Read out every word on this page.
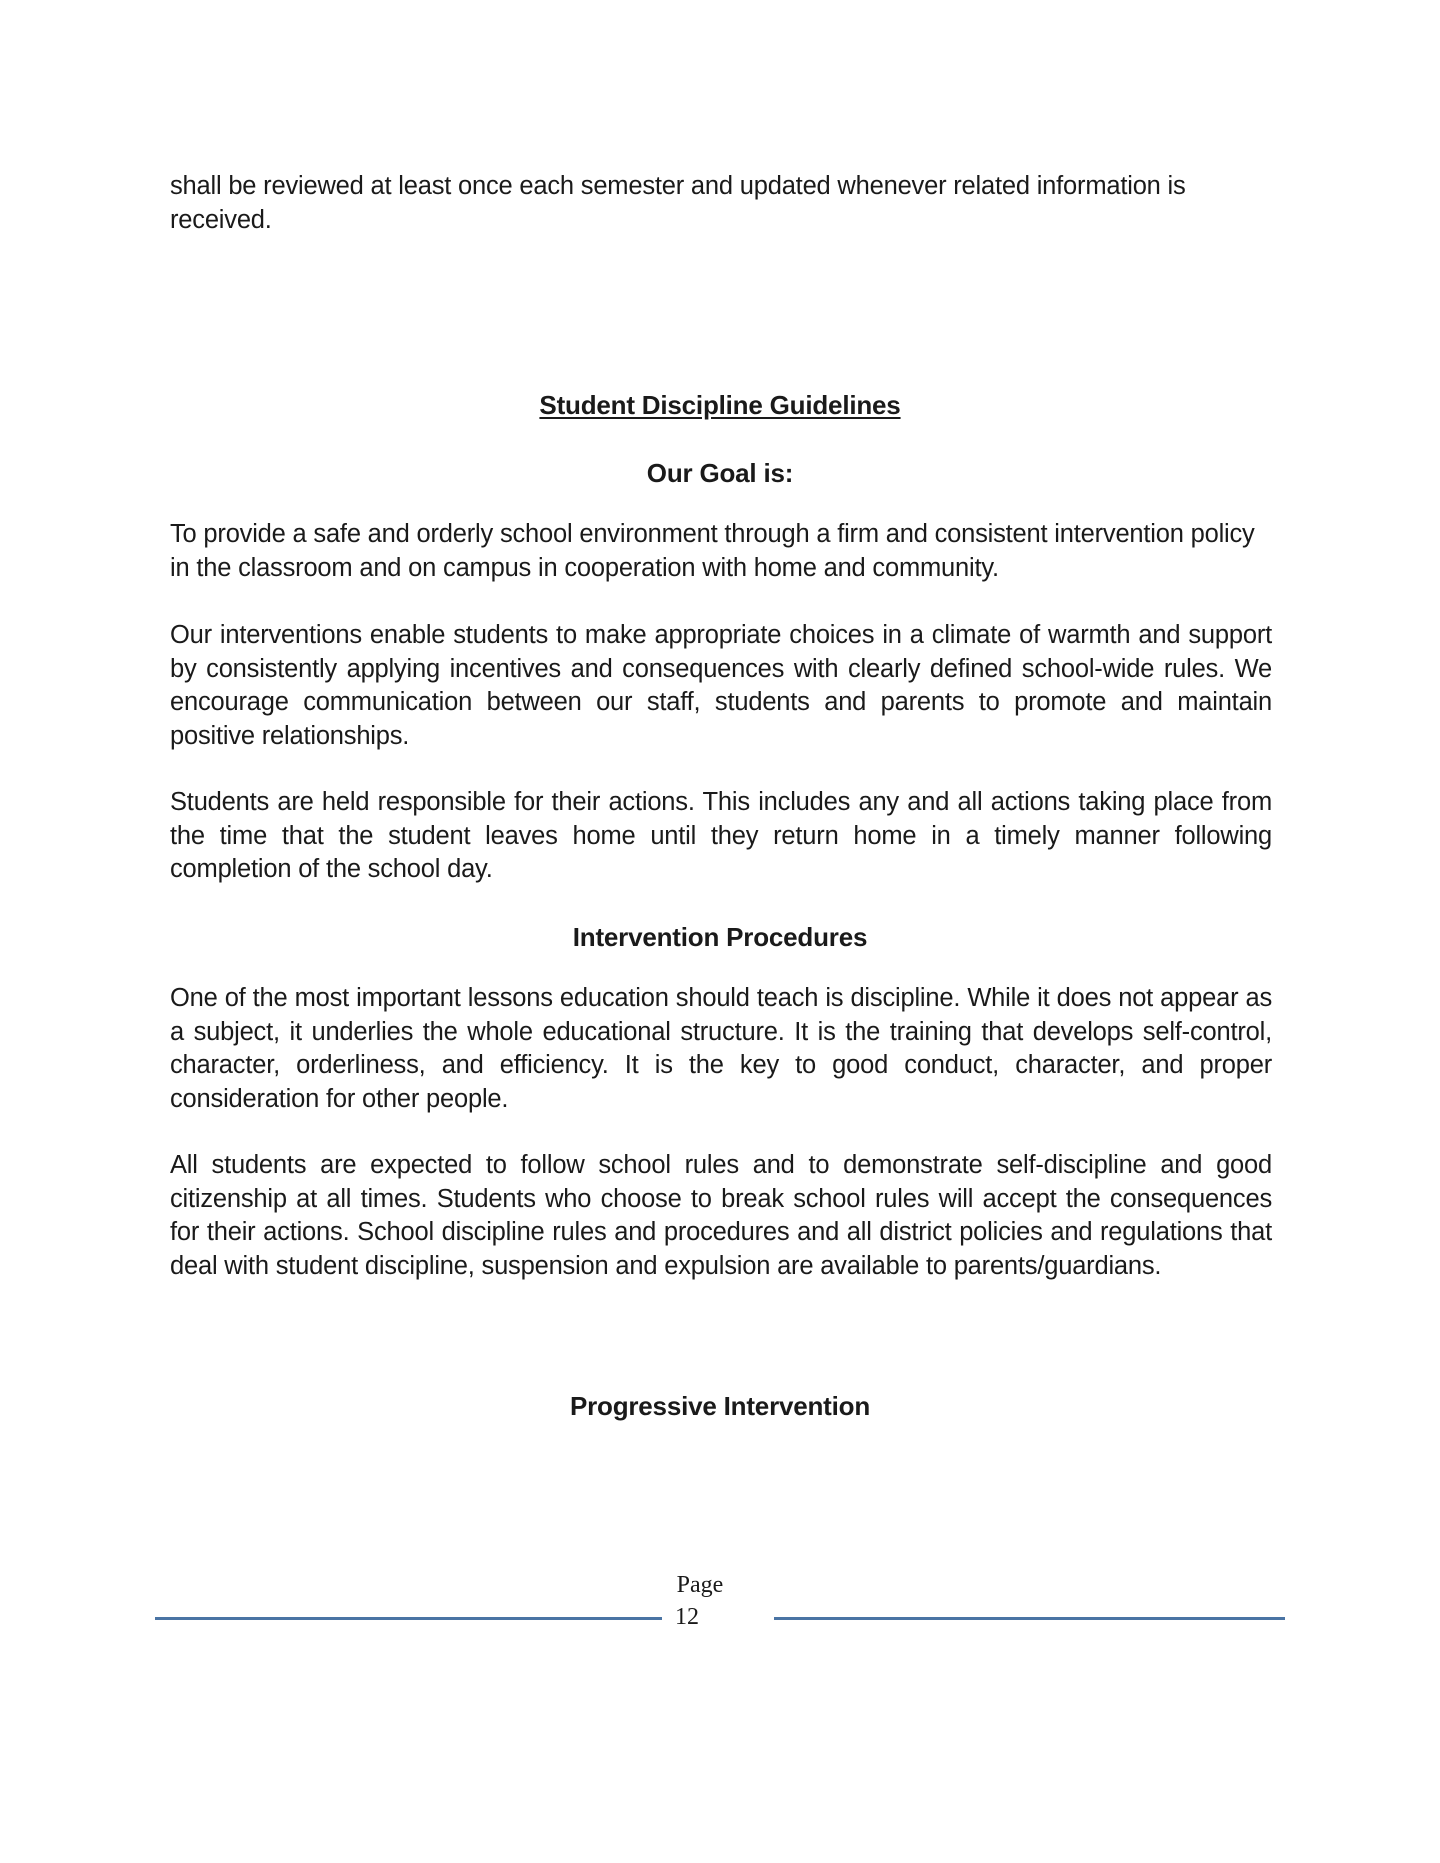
shall be reviewed at least once each semester and updated whenever related information is received.

Student Discipline Guidelines
Our Goal is:

To provide a safe and orderly school environment through a firm and consistent intervention policy in the classroom and on campus in cooperation with home and community.

Our interventions enable students to make appropriate choices in a climate of warmth and support by consistently applying incentives and consequences with clearly defined school-wide rules. We encourage communication between our staff, students and parents to promote and maintain positive relationships.

Students are held responsible for their actions. This includes any and all actions taking place from the time that the student leaves home until they return home in a timely manner following completion of the school day.

Intervention Procedures

One of the most important lessons education should teach is discipline. While it does not appear as a subject, it underlies the whole educational structure. It is the training that develops self-control, character, orderliness, and efficiency. It is the key to good conduct, character, and proper consideration for other people.

All students are expected to follow school rules and to demonstrate self-discipline and good citizenship at all times. Students who choose to break school rules will accept the consequences for their actions. School discipline rules and procedures and all district policies and regulations that deal with student discipline, suspension and expulsion are available to parents/guardians.

Progressive Intervention
Page
12
